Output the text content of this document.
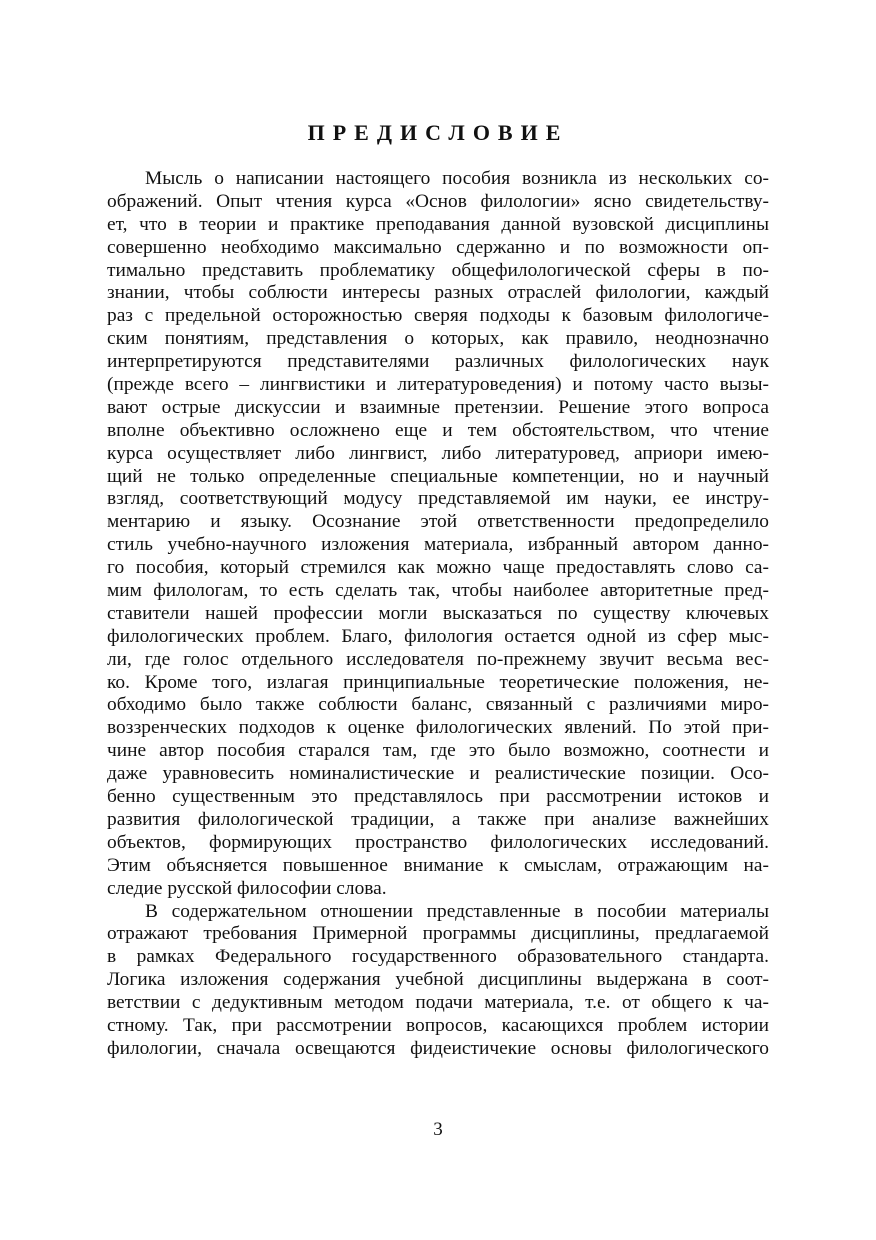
ПРЕДИСЛОВИЕ
Мысль о написании настоящего пособия возникла из нескольких со-
ображений. Опыт чтения курса «Основ филологии» ясно свидетельству-
ет, что в теории и практике преподавания данной вузовской дисциплины
совершенно необходимо максимально сдержанно и по возможности оп-
тимально представить проблематику общефилологической сферы в по-
знании, чтобы соблюсти интересы разных отраслей филологии, каждый
раз с предельной осторожностью сверяя подходы к базовым филологиче-
ским понятиям, представления о которых, как правило, неоднозначно
интерпретируются представителями различных филологических наук
(прежде всего – лингвистики и литературоведения) и потому часто вызы-
вают острые дискуссии и взаимные претензии. Решение этого вопроса
вполне объективно осложнено еще и тем обстоятельством, что чтение
курса осуществляет либо лингвист, либо литературовед, априори имею-
щий не только определенные специальные компетенции, но и научный
взгляд, соответствующий модусу представляемой им науки, ее инстру-
ментарию и языку. Осознание этой ответственности предопределило
стиль учебно-научного изложения материала, избранный автором данно-
го пособия, который стремился как можно чаще предоставлять слово са-
мим филологам, то есть сделать так, чтобы наиболее авторитетные пред-
ставители нашей профессии могли высказаться по существу ключевых
филологических проблем. Благо, филология остается одной из сфер мыс-
ли, где голос отдельного исследователя по-прежнему звучит весьма вес-
ко. Кроме того, излагая принципиальные теоретические положения, не-
обходимо было также соблюсти баланс, связанный с различиями миро-
воззренческих подходов к оценке филологических явлений. По этой при-
чине автор пособия старался там, где это было возможно, соотнести и
даже уравновесить номиналистические и реалистические позиции. Осо-
бенно существенным это представлялось при рассмотрении истоков и
развития филологической традиции, а также при анализе важнейших
объектов, формирующих пространство филологических исследований.
Этим объясняется повышенное внимание к смыслам, отражающим на-
следие русской философии слова.
В содержательном отношении представленные в пособии материалы
отражают требования Примерной программы дисциплины, предлагаемой
в рамках Федерального государственного образовательного стандарта.
Логика изложения содержания учебной дисциплины выдержана в соот-
ветствии с дедуктивным методом подачи материала, т.е. от общего к ча-
стному. Так, при рассмотрении вопросов, касающихся проблем истории
филологии, сначала освещаются фидеистичекие основы филологического
3
